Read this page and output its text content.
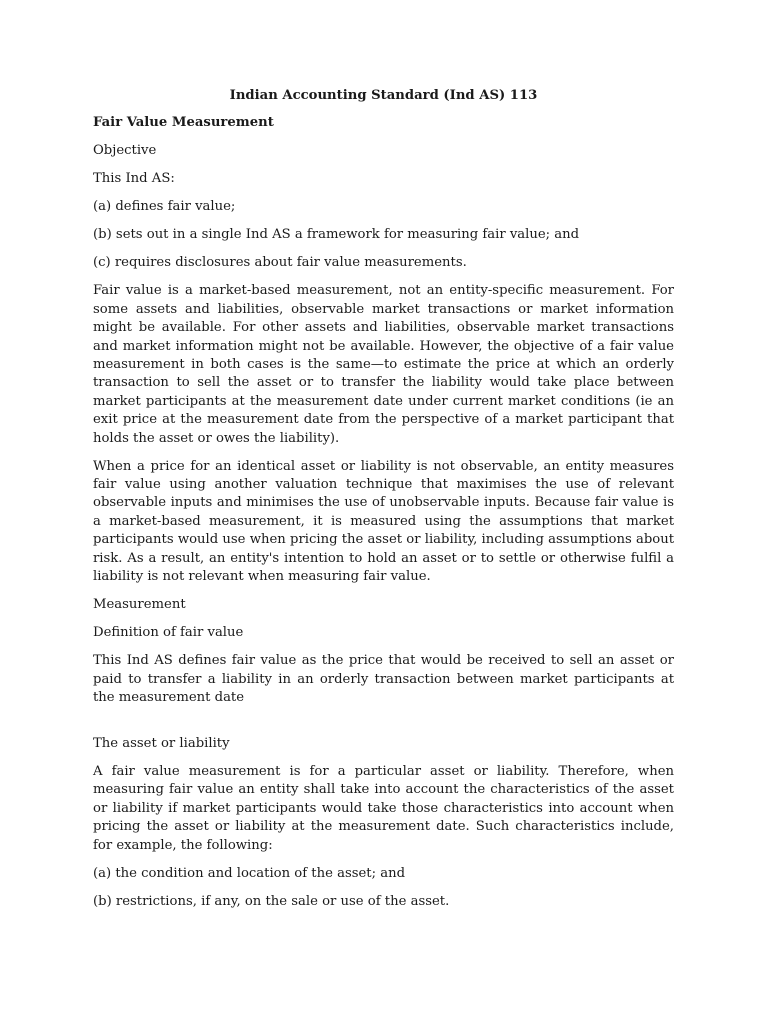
Indian Accounting Standard (Ind AS) 113
Fair Value Measurement
Objective
This Ind AS:
(a) defines fair value;
(b) sets out in a single Ind AS a framework for measuring fair value; and
(c) requires disclosures about fair value measurements.
Fair value is a market-based measurement, not an entity-specific measurement. For some assets and liabilities, observable market transactions or market information might be available. For other assets and liabilities, observable market transactions and market information might not be available. However, the objective of a fair value measurement in both cases is the same—to estimate the price at which an orderly transaction to sell the asset or to transfer the liability would take place between market participants at the measurement date under current market conditions (ie an exit price at the measurement date from the perspective of a market participant that holds the asset or owes the liability).
When a price for an identical asset or liability is not observable, an entity measures fair value using another valuation technique that maximises the use of relevant observable inputs and minimises the use of unobservable inputs. Because fair value is a market-based measurement, it is measured using the assumptions that market participants would use when pricing the asset or liability, including assumptions about risk. As a result, an entity's intention to hold an asset or to settle or otherwise fulfil a liability is not relevant when measuring fair value.
Measurement
Definition of fair value
This Ind AS defines fair value as the price that would be received to sell an asset or paid to transfer a liability in an orderly transaction between market participants at the measurement date
The asset or liability
A fair value measurement is for a particular asset or liability. Therefore, when measuring fair value an entity shall take into account the characteristics of the asset or liability if market participants would take those characteristics into account when pricing the asset or liability at the measurement date. Such characteristics include, for example, the following:
(a) the condition and location of the asset; and
(b) restrictions, if any, on the sale or use of the asset.
